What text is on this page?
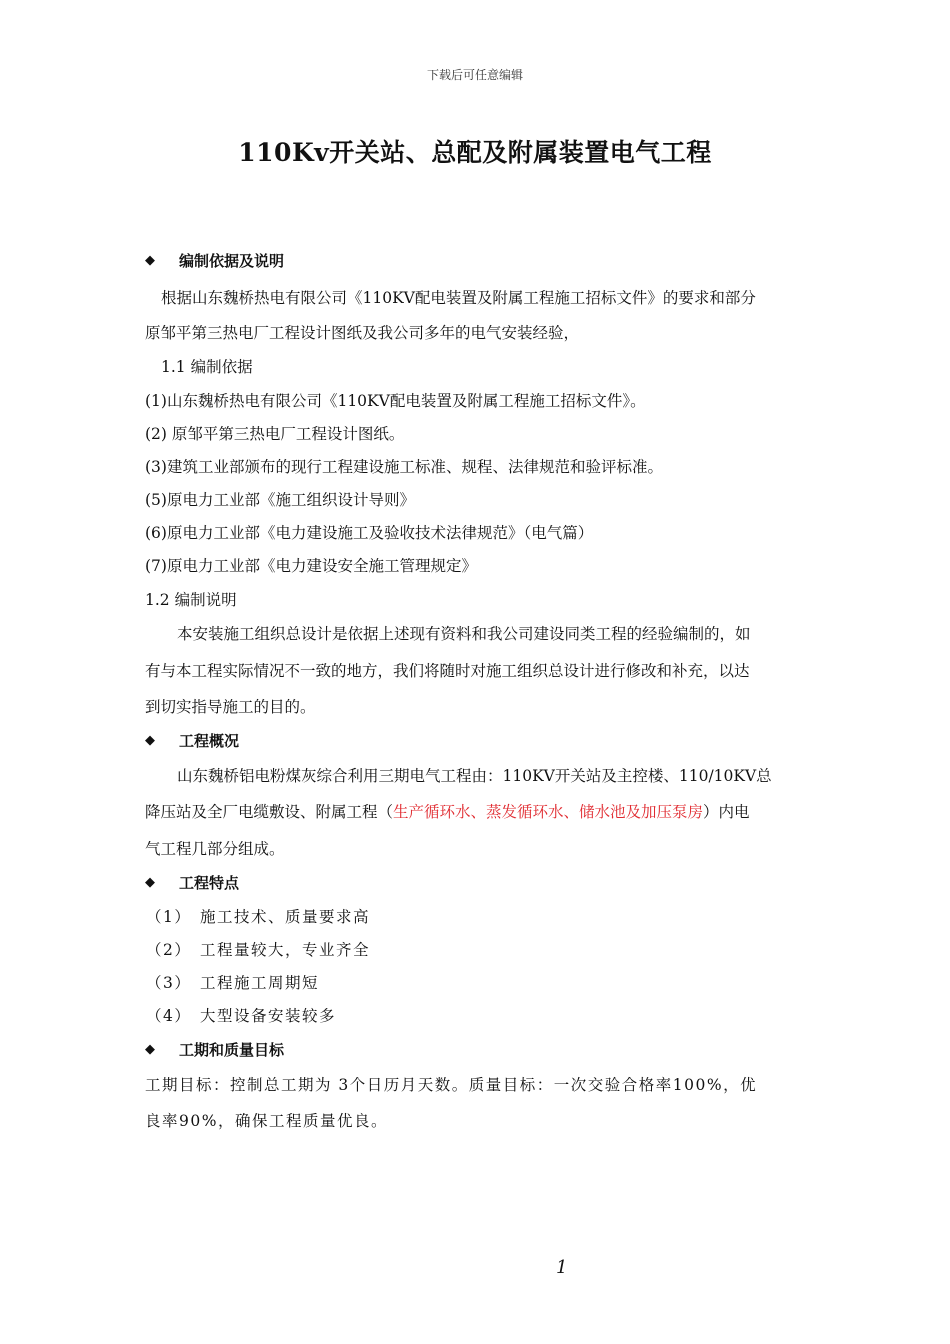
下载后可任意编辑
110Kv开关站、总配及附属装置电气工程
◆ 编制依据及说明
根据山东魏桥热电有限公司《110KV配电装置及附属工程施工招标文件》的要求和部分
原邹平第三热电厂工程设计图纸及我公司多年的电气安装经验，
1.1 编制依据
(1)山东魏桥热电有限公司《110KV配电装置及附属工程施工招标文件》。
(2) 原邹平第三热电厂工程设计图纸。
(3)建筑工业部颁布的现行工程建设施工标准、规程、法律规范和验评标准。
(5)原电力工业部《施工组织设计导则》
(6)原电力工业部《电力建设施工及验收技术法律规范》（电气篇）
(7)原电力工业部《电力建设安全施工管理规定》
1.2 编制说明
本安装施工组织总设计是依据上述现有资料和我公司建设同类工程的经验编制的，如
有与本工程实际情况不一致的地方，我们将随时对施工组织总设计进行修改和补充，以达
到切实指导施工的目的。
◆ 工程概况
山东魏桥铝电粉煤灰综合利用三期电气工程由：110KV开关站及主控楼、110/10KV总
降压站及全厂电缆敷设、附属工程（生产循环水、蒸发循环水、储水池及加压泵房）内电
气工程几部分组成。
◆ 工程特点
（1） 施工技术、质量要求高
（2） 工程量较大，专业齐全
（3） 工程施工周期短
（4） 大型设备安装较多
◆ 工期和质量目标
工期目标：控制总工期为 3个日历月天数。质量目标：一次交验合格率100%，优
良率90%，确保工程质量优良。
1
